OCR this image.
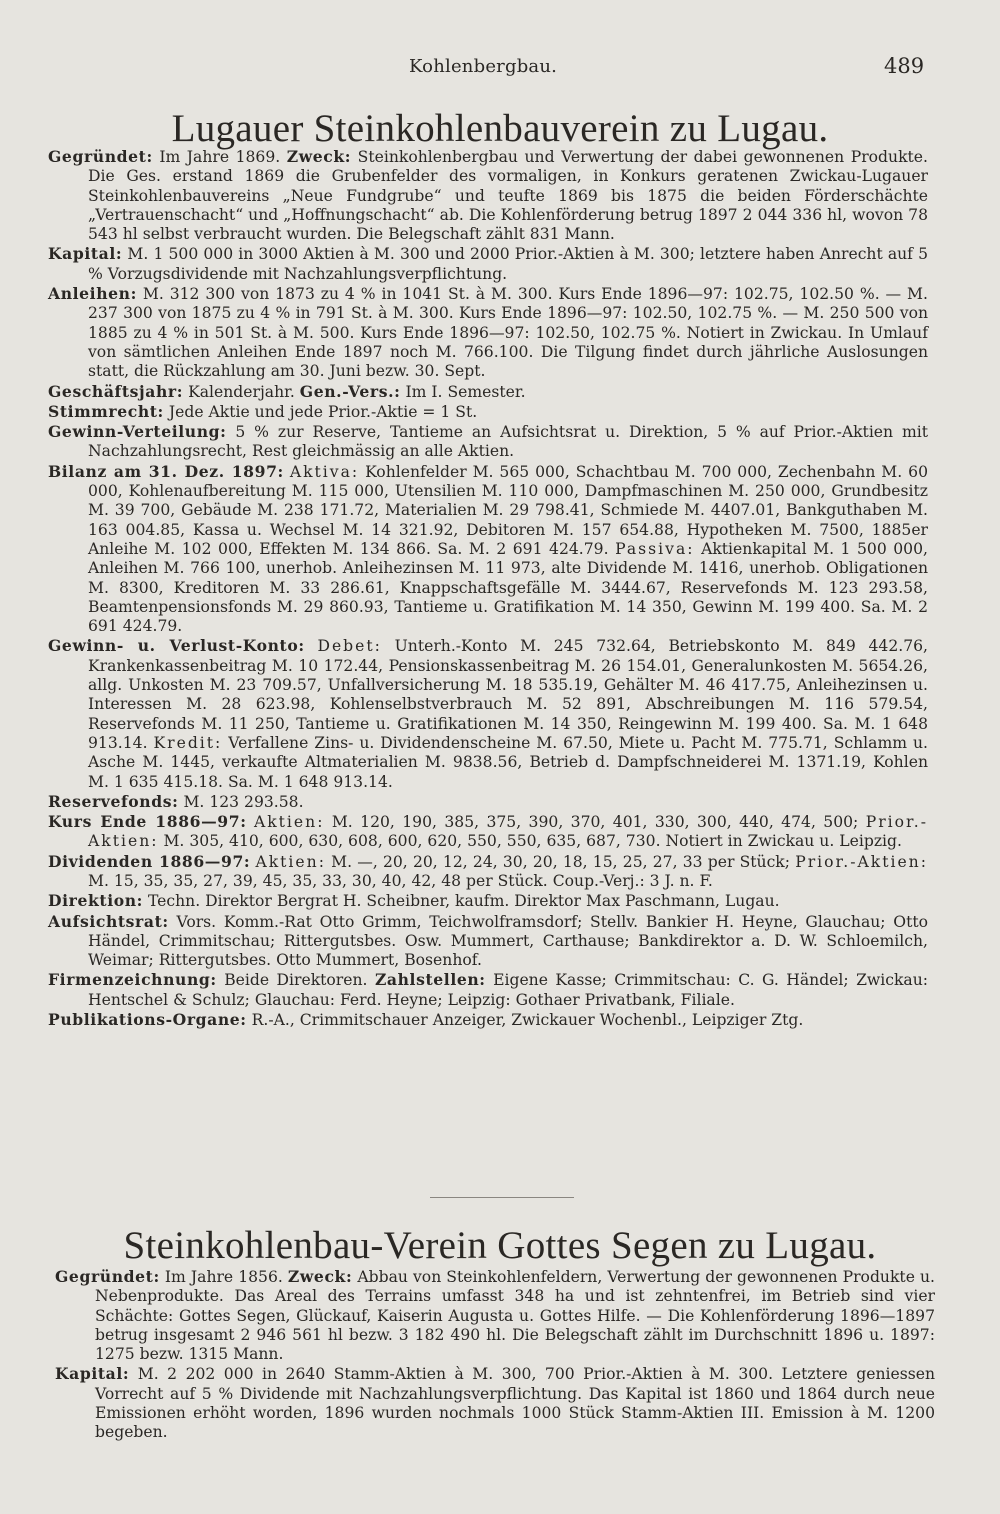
Kohlenbergbau.	489
Lugauer Steinkohlenbauverein zu Lugau.

Gegründet: Im Jahre 1869. Zweck: Steinkohlenbergbau und Verwertung der dabei gewonnenen Produkte. Die Ges. erstand 1869 die Grubenfelder des vormaligen, in Konkurs geratenen Zwickau-Lugauer Steinkohlenbauvereins „Neue Fundgrube“ und teufte 1869 bis 1875 die beiden Förderschächte „Vertrauenschacht“ und „Hoffnungschacht“ ab. Die Kohlenförderung betrug 1897 2 044 336 hl, wovon 78 543 hl selbst verbraucht wurden. Die Belegschaft zählt 831 Mann.

Kapital: M. 1 500 000 in 3000 Aktien à M. 300 und 2000 Prior.-Aktien à M. 300; letztere haben Anrecht auf 5 % Vorzugsdividende mit Nachzahlungsverpflichtung.

Anleihen: M. 312 300 von 1873 zu 4 % in 1041 St. à M. 300. Kurs Ende 1896—97: 102.75, 102.50 %. — M. 237 300 von 1875 zu 4 % in 791 St. à M. 300. Kurs Ende 1896—97: 102.50, 102.75 %. — M. 250 500 von 1885 zu 4 % in 501 St. à M. 500. Kurs Ende 1896—97: 102.50, 102.75 %. Notiert in Zwickau. In Umlauf von sämtlichen Anleihen Ende 1897 noch M. 766.100. Die Tilgung findet durch jährliche Auslosungen statt, die Rückzahlung am 30. Juni bezw. 30. Sept.

Geschäftsjahr: Kalenderjahr. Gen.-Vers.: Im I. Semester.

Stimmrecht: Jede Aktie und jede Prior.-Aktie = 1 St.

Gewinn-Verteilung: 5 % zur Reserve, Tantieme an Aufsichtsrat u. Direktion, 5 % auf Prior.-Aktien mit Nachzahlungsrecht, Rest gleichmässig an alle Aktien.

Bilanz am 31. Dez. 1897: Aktiva: Kohlenfelder M. 565 000, Schachtbau M. 700 000, Zechenbahn M. 60 000, Kohlenaufbereitung M. 115 000, Utensilien M. 110 000, Dampfmaschinen M. 250 000, Grundbesitz M. 39 700, Gebäude M. 238 171.72, Materialien M. 29 798.41, Schmiede M. 4407.01, Bankguthaben M. 163 004.85, Kassa u. Wechsel M. 14 321.92, Debitoren M. 157 654.88, Hypotheken M. 7500, 1885er Anleihe M. 102 000, Effekten M. 134 866. Sa. M. 2 691 424.79. Passiva: Aktienkapital M. 1 500 000, Anleihen M. 766 100, unerhob. Anleihezinsen M. 11 973, alte Dividende M. 1416, unerhob. Obligationen M. 8300, Kreditoren M. 33 286.61, Knappschaftsgefälle M. 3444.67, Reservefonds M. 123 293.58, Beamtenpensionsfonds M. 29 860.93, Tantieme u. Gratifikation M. 14 350, Gewinn M. 199 400. Sa. M. 2 691 424.79.

Gewinn- u. Verlust-Konto: Debet: Unterh.-Konto M. 245 732.64, Betriebskonto M. 849 442.76, Krankenkassenbeitrag M. 10 172.44, Pensionskassenbeitrag M. 26 154.01, Generalunkosten M. 5654.26, allg. Unkosten M. 23 709.57, Unfallversicherung M. 18 535.19, Gehälter M. 46 417.75, Anleihezinsen u. Interessen M. 28 623.98, Kohlenselbstverbrauch M. 52 891, Abschreibungen M. 116 579.54, Reservefonds M. 11 250, Tantieme u. Gratifikationen M. 14 350, Reingewinn M. 199 400. Sa. M. 1 648 913.14. Kredit: Verfallene Zins- u. Dividendenscheine M. 67.50, Miete u. Pacht M. 775.71, Schlamm u. Asche M. 1445, verkaufte Altmaterialien M. 9838.56, Betrieb d. Dampfschneiderei M. 1371.19, Kohlen M. 1 635 415.18. Sa. M. 1 648 913.14.

Reservefonds: M. 123 293.58.

Kurs Ende 1886—97: Aktien: M. 120, 190, 385, 375, 390, 370, 401, 330, 300, 440, 474, 500; Prior.-Aktien: M. 305, 410, 600, 630, 608, 600, 620, 550, 550, 635, 687, 730. Notiert in Zwickau u. Leipzig.

Dividenden 1886—97: Aktien: M. —, 20, 20, 12, 24, 30, 20, 18, 15, 25, 27, 33 per Stück; Prior.-Aktien: M. 15, 35, 35, 27, 39, 45, 35, 33, 30, 40, 42, 48 per Stück. Coup.-Verj.: 3 J. n. F.

Direktion: Techn. Direktor Bergrat H. Scheibner, kaufm. Direktor Max Paschmann, Lugau.

Aufsichtsrat: Vors. Komm.-Rat Otto Grimm, Teichwolframsdorf; Stellv. Bankier H. Heyne, Glauchau; Otto Händel, Crimmitschau; Rittergutsbes. Osw. Mummert, Carthause; Bankdirektor a. D. W. Schloemilch, Weimar; Rittergutsbes. Otto Mummert, Bosenhof.

Firmenzeichnung: Beide Direktoren. Zahlstellen: Eigene Kasse; Crimmitschau: C. G. Händel; Zwickau: Hentschel & Schulz; Glauchau: Ferd. Heyne; Leipzig: Gothaer Privatbank, Filiale.

Publikations-Organe: R.-A., Crimmitschauer Anzeiger, Zwickauer Wochenbl., Leipziger Ztg.

Steinkohlenbau-Verein Gottes Segen zu Lugau.

Gegründet: Im Jahre 1856. Zweck: Abbau von Steinkohlenfeldern, Verwertung der gewonnenen Produkte u. Nebenprodukte. Das Areal des Terrains umfasst 348 ha und ist zehntenfrei, im Betrieb sind vier Schächte: Gottes Segen, Glückauf, Kaiserin Augusta u. Gottes Hilfe. — Die Kohlenförderung 1896—1897 betrug insgesamt 2 946 561 hl bezw. 3 182 490 hl. Die Belegschaft zählt im Durchschnitt 1896 u. 1897: 1275 bezw. 1315 Mann.

Kapital: M. 2 202 000 in 2640 Stamm-Aktien à M. 300, 700 Prior.-Aktien à M. 300. Letztere geniessen Vorrecht auf 5 % Dividende mit Nachzahlungsverpflichtung. Das Kapital ist 1860 und 1864 durch neue Emissionen erhöht worden, 1896 wurden nochmals 1000 Stück Stamm-Aktien III. Emission à M. 1200 begeben.
